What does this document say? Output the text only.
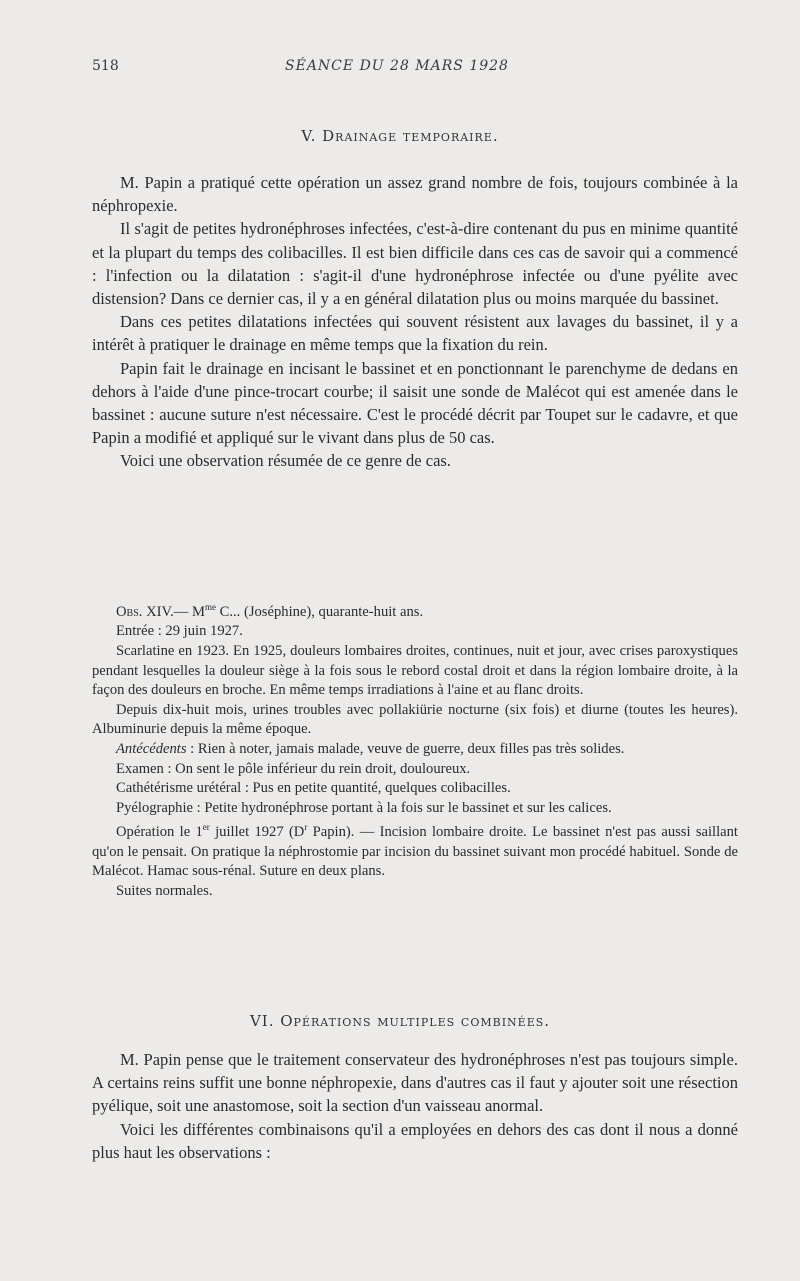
518	SÉANCE DU 28 MARS 1928
V. Drainage temporaire.
M. Papin a pratiqué cette opération un assez grand nombre de fois, toujours combinée à la néphropexie.
Il s'agit de petites hydronéphroses infectées, c'est-à-dire contenant du pus en minime quantité et la plupart du temps des colibacilles. Il est bien difficile dans ces cas de savoir qui a commencé : l'infection ou la dilatation : s'agit-il d'une hydronéphrose infectée ou d'une pyélite avec distension? Dans ce dernier cas, il y a en général dilatation plus ou moins marquée du bassinet.
Dans ces petites dilatations infectées qui souvent résistent aux lavages du bassinet, il y a intérêt à pratiquer le drainage en même temps que la fixation du rein.
Papin fait le drainage en incisant le bassinet et en ponctionnant le parenchyme de dedans en dehors à l'aide d'une pince-trocart courbe; il saisit une sonde de Malécot qui est amenée dans le bassinet : aucune suture n'est nécessaire. C'est le procédé décrit par Toupet sur le cadavre, et que Papin a modifié et appliqué sur le vivant dans plus de 50 cas.
Voici une observation résumée de ce genre de cas.
Obs. XIV.— $M^{me}$ C... (Joséphine), quarante-huit ans.
Entrée : 29 juin 1927.
Scarlatine en 1923. En 1925, douleurs lombaires droites, continues, nuit et jour, avec crises paroxystiques pendant lesquelles la douleur siège à la fois sous le rebord costal droit et dans la région lombaire droite, à la façon des douleurs en broche. En même temps irradiations à l'aine et au flanc droits.
Depuis dix-huit mois, urines troubles avec pollakiürie nocturne (six fois) et diurne (toutes les heures). Albuminurie depuis la même époque.
Antécédents : Rien à noter, jamais malade, veuve de guerre, deux filles pas très solides.
Examen : On sent le pôle inférieur du rein droit, douloureux.
Cathétérisme urétéral : Pus en petite quantité, quelques colibacilles.
Pyélographie : Petite hydronéphrose portant à la fois sur le bassinet et sur les calices.
Opération le 1er juillet 1927 ($D^r$ Papin). — Incision lombaire droite. Le bassinet n'est pas aussi saillant qu'on le pensait. On pratique la néphrostomie par incision du bassinet suivant mon procédé habituel. Sonde de Malécot. Hamac sous-rénal. Suture en deux plans.
Suites normales.
VI. Opérations multiples combinées.
M. Papin pense que le traitement conservateur des hydronéphroses n'est pas toujours simple. A certains reins suffit une bonne néphropexie, dans d'autres cas il faut y ajouter soit une résection pyélique, soit une anastomose, soit la section d'un vaisseau anormal.
Voici les différentes combinaisons qu'il a employées en dehors des cas dont il nous a donné plus haut les observations :
